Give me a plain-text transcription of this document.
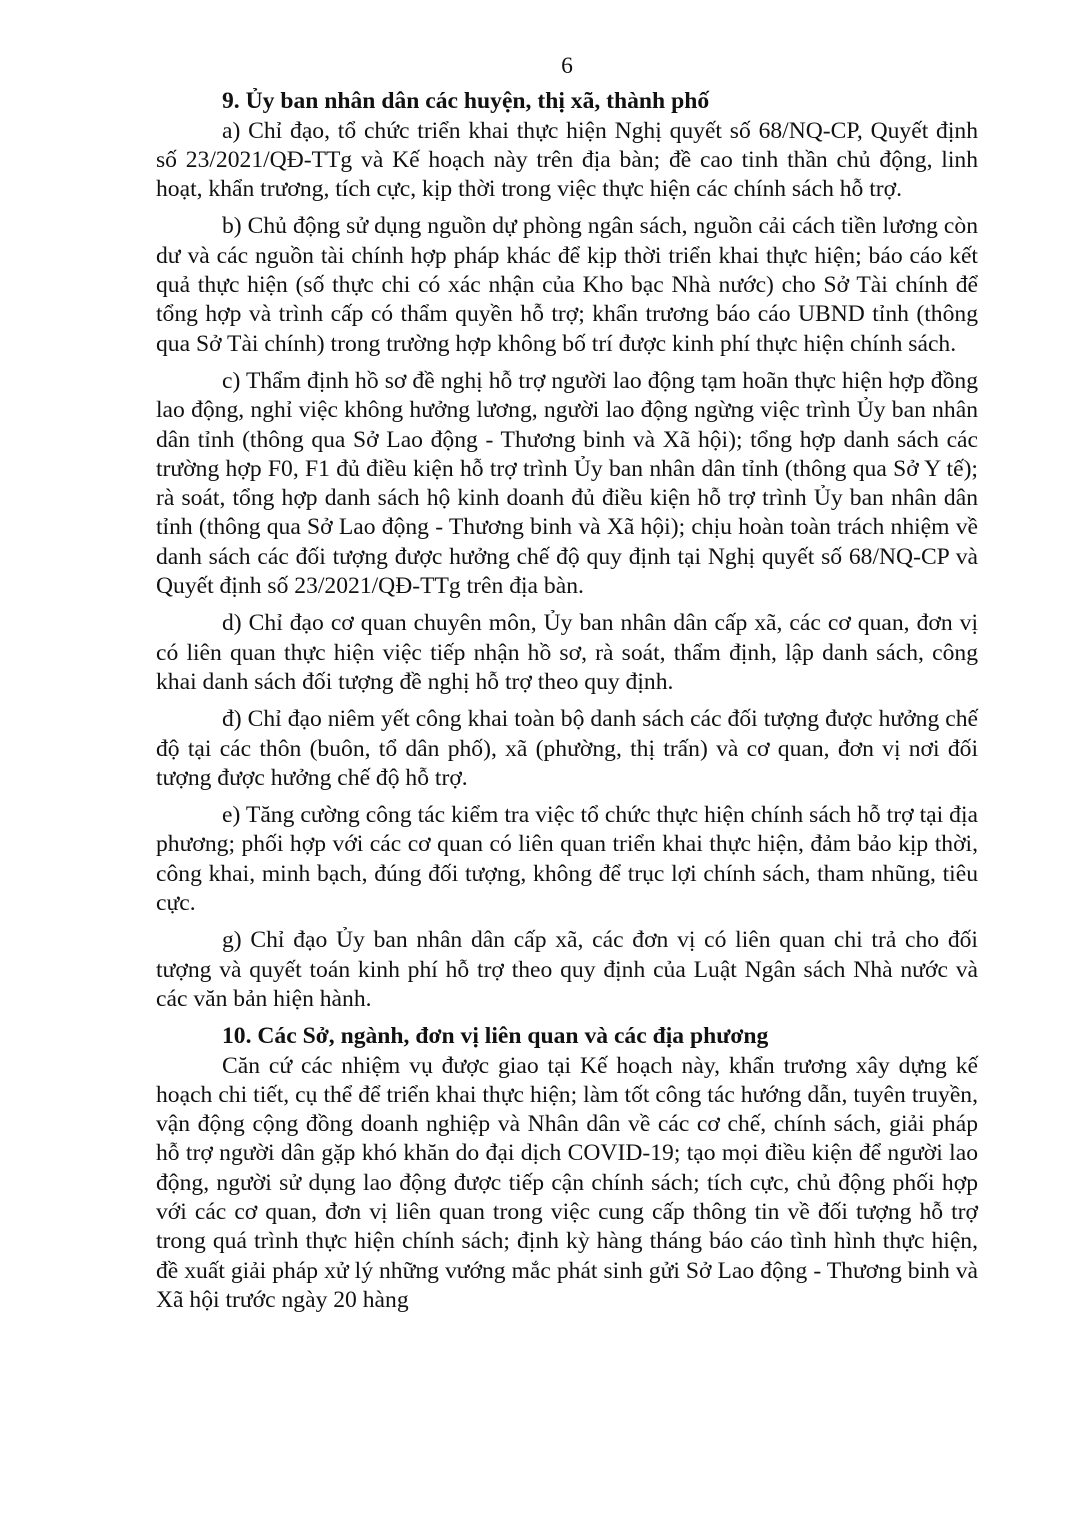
6

9. Ủy ban nhân dân các huyện, thị xã, thành phố

a) Chỉ đạo, tổ chức triển khai thực hiện Nghị quyết số 68/NQ-CP, Quyết định số 23/2021/QĐ-TTg và Kế hoạch này trên địa bàn; đề cao tinh thần chủ động, linh hoạt, khẩn trương, tích cực, kịp thời trong việc thực hiện các chính sách hỗ trợ.

b) Chủ động sử dụng nguồn dự phòng ngân sách, nguồn cải cách tiền lương còn dư và các nguồn tài chính hợp pháp khác để kịp thời triển khai thực hiện; báo cáo kết quả thực hiện (số thực chi có xác nhận của Kho bạc Nhà nước) cho Sở Tài chính để tổng hợp và trình cấp có thẩm quyền hỗ trợ; khẩn trương báo cáo UBND tỉnh (thông qua Sở Tài chính) trong trường hợp không bố trí được kinh phí thực hiện chính sách.

c) Thẩm định hồ sơ đề nghị hỗ trợ người lao động tạm hoãn thực hiện hợp đồng lao động, nghỉ việc không hưởng lương, người lao động ngừng việc trình Ủy ban nhân dân tỉnh (thông qua Sở Lao động - Thương binh và Xã hội); tổng hợp danh sách các trường hợp F0, F1 đủ điều kiện hỗ trợ trình Ủy ban nhân dân tỉnh (thông qua Sở Y tế); rà soát, tổng hợp danh sách hộ kinh doanh đủ điều kiện hỗ trợ trình Ủy ban nhân dân tỉnh (thông qua Sở Lao động - Thương binh và Xã hội); chịu hoàn toàn trách nhiệm về danh sách các đối tượng được hưởng chế độ quy định tại Nghị quyết số 68/NQ-CP và Quyết định số 23/2021/QĐ-TTg trên địa bàn.

d) Chỉ đạo cơ quan chuyên môn, Ủy ban nhân dân cấp xã, các cơ quan, đơn vị có liên quan thực hiện việc tiếp nhận hồ sơ, rà soát, thẩm định, lập danh sách, công khai danh sách đối tượng đề nghị hỗ trợ theo quy định.

đ) Chỉ đạo niêm yết công khai toàn bộ danh sách các đối tượng được hưởng chế độ tại các thôn (buôn, tổ dân phố), xã (phường, thị trấn) và cơ quan, đơn vị nơi đối tượng được hưởng chế độ hỗ trợ.

e) Tăng cường công tác kiểm tra việc tổ chức thực hiện chính sách hỗ trợ tại địa phương; phối hợp với các cơ quan có liên quan triển khai thực hiện, đảm bảo kịp thời, công khai, minh bạch, đúng đối tượng, không để trục lợi chính sách, tham nhũng, tiêu cực.

g) Chỉ đạo Ủy ban nhân dân cấp xã, các đơn vị có liên quan chi trả cho đối tượng và quyết toán kinh phí hỗ trợ theo quy định của Luật Ngân sách Nhà nước và các văn bản hiện hành.

10. Các Sở, ngành, đơn vị liên quan và các địa phương

Căn cứ các nhiệm vụ được giao tại Kế hoạch này, khẩn trương xây dựng kế hoạch chi tiết, cụ thể để triển khai thực hiện; làm tốt công tác hướng dẫn, tuyên truyền, vận động cộng đồng doanh nghiệp và Nhân dân về các cơ chế, chính sách, giải pháp hỗ trợ người dân gặp khó khăn do đại dịch COVID-19; tạo mọi điều kiện để người lao động, người sử dụng lao động được tiếp cận chính sách; tích cực, chủ động phối hợp với các cơ quan, đơn vị liên quan trong việc cung cấp thông tin về đối tượng hỗ trợ trong quá trình thực hiện chính sách; định kỳ hàng tháng báo cáo tình hình thực hiện, đề xuất giải pháp xử lý những vướng mắc phát sinh gửi Sở Lao động - Thương binh và Xã hội trước ngày 20 hàng
